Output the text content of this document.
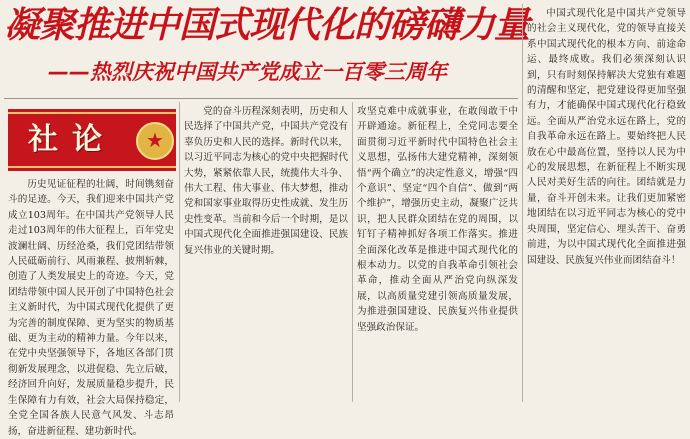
凝聚推进中国式现代化的磅礴力量
——热烈庆祝中国共产党成立一百零三周年
社论	★

历史见证征程的壮阔，时间镌刻奋斗的足迹。今天，我们迎来中国共产党成立103周年。在中国共产党领导人民走过103周年的伟大征程上，百年党史波澜壮阔、历经沧桑，我们党团结带领人民砥砺前行、风雨兼程、披荆斩棘，创造了人类发展史上的奇迹。今天，党团结带领中国人民开创了中国特色社会主义新时代，为中国式现代化提供了更为完善的制度保障、更为坚实的物质基础、更为主动的精神力量。今年以来，在党中央坚强领导下，各地区各部门贯彻新发展理念，以进促稳、先立后破，经济回升向好，发展质量稳步提升，民生保障有力有效，社会大局保持稳定，全党全国各族人民意气风发、斗志昂扬，奋进新征程、建功新时代。

党的奋斗历程深刻表明，历史和人民选择了中国共产党，中国共产党没有辜负历史和人民的选择。新时代以来，以习近平同志为核心的党中央把握时代大势，紧紧依靠人民，统揽伟大斗争、伟大工程、伟大事业、伟大梦想，推动党和国家事业取得历史性成就、发生历史性变革。当前和今后一个时期，是以中国式现代化全面推进强国建设、民族复兴伟业的关键时期。

攻坚克难中成就事业，在敢闯敢干中开辟通途。新征程上，全党同志要全面贯彻习近平新时代中国特色社会主义思想，弘扬伟大建党精神，深刻领悟“两个确立”的决定性意义，增强“四个意识”、坚定“四个自信”、做到“两个维护”，增强历史主动，凝聚广泛共识，把人民群众团结在党的周围，以钉钉子精神抓好各项工作落实。推进全面深化改革是推进中国式现代化的根本动力。以党的自我革命引领社会革命，推动全面从严治党向纵深发展，以高质量党建引领高质量发展，为推进强国建设、民族复兴伟业提供坚强政治保证。

中国式现代化是中国共产党领导的社会主义现代化，党的领导直接关系中国式现代化的根本方向、前途命运、最终成败。我们必须深刻认识到，只有时刻保持解决大党独有难题的清醒和坚定，把党建设得更加坚强有力，才能确保中国式现代化行稳致远。全面从严治党永远在路上，党的自我革命永远在路上。要始终把人民放在心中最高位置，坚持以人民为中心的发展思想，在新征程上不断实现人民对美好生活的向往。团结就是力量，奋斗开创未来。让我们更加紧密地团结在以习近平同志为核心的党中央周围，坚定信心、埋头苦干、奋勇前进，为以中国式现代化全面推进强国建设、民族复兴伟业而团结奋斗！
